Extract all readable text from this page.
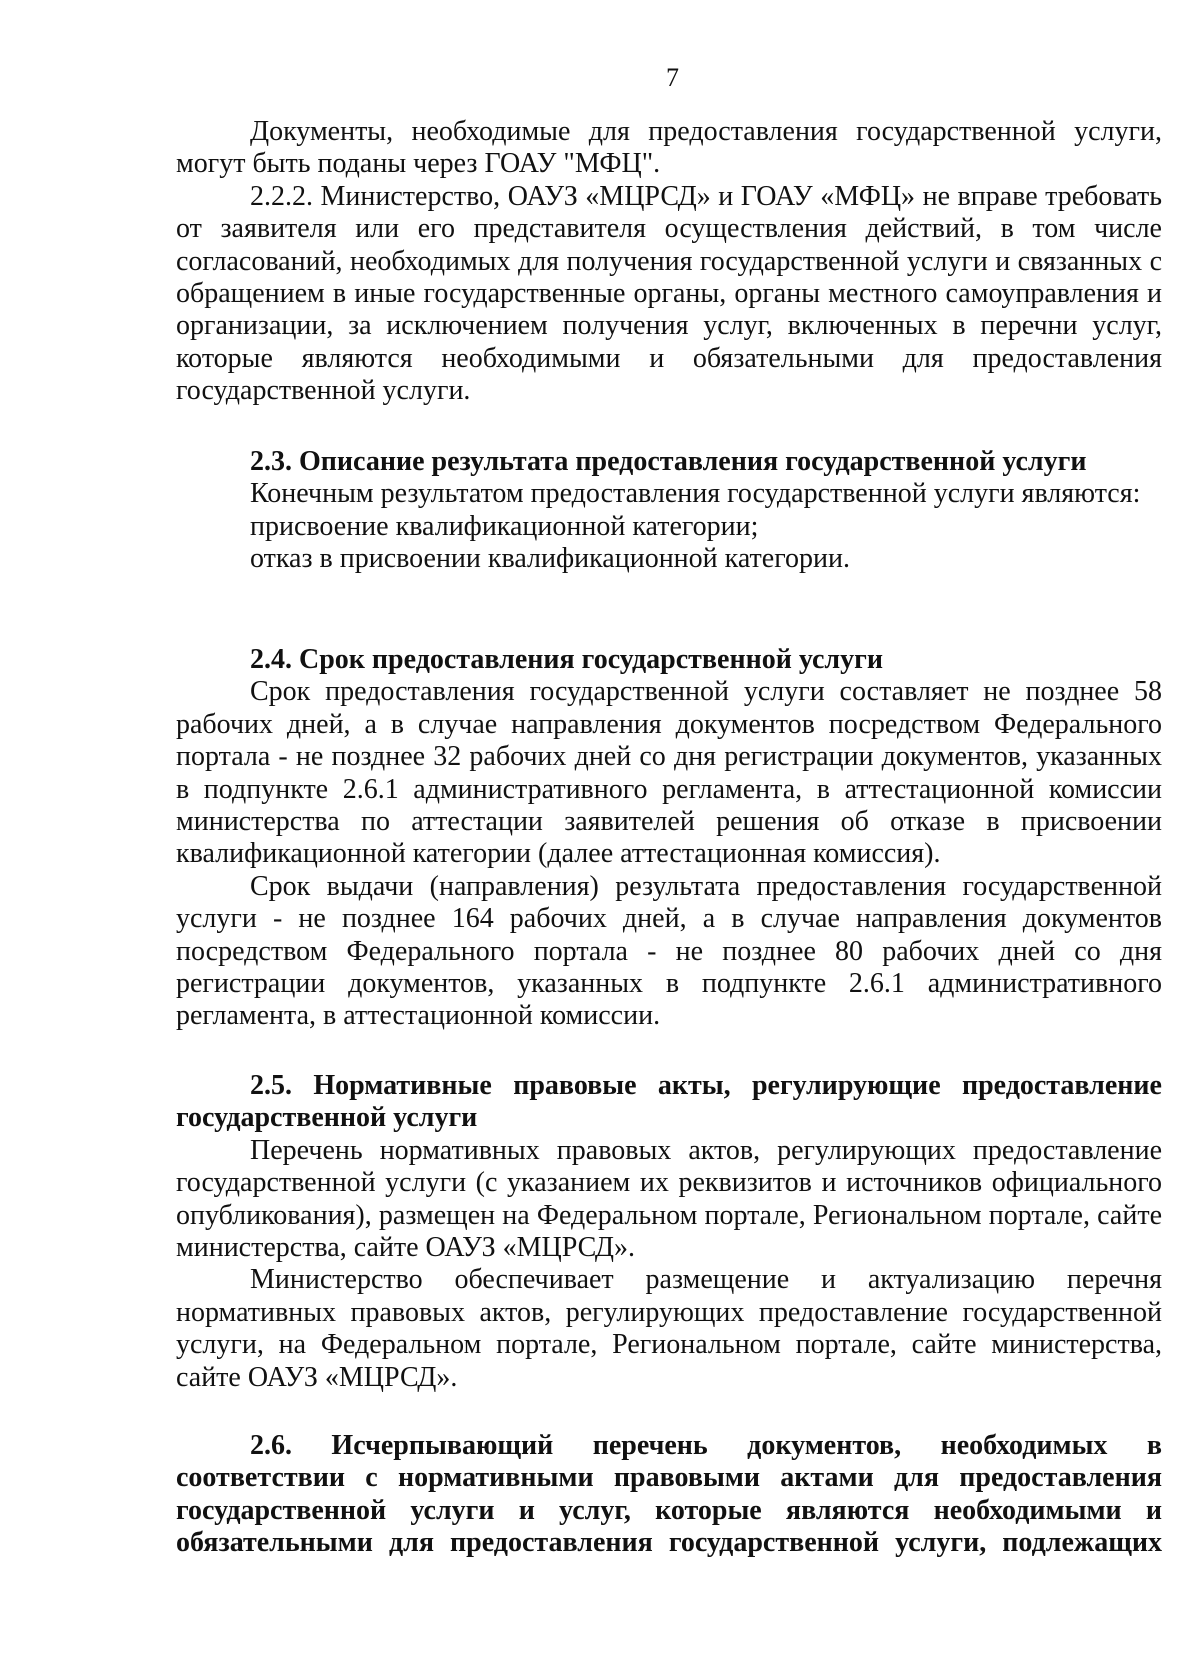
7

Документы, необходимые для предоставления государственной услуги, могут быть поданы через ГОАУ "МФЦ".

2.2.2. Министерство, ОАУЗ «МЦРСД» и ГОАУ «МФЦ» не вправе требовать от заявителя или его представителя осуществления действий, в том числе согласований, необходимых для получения государственной услуги и связанных с обращением в иные государственные органы, органы местного самоуправления и организации, за исключением получения услуг, включенных в перечни услуг, которые являются необходимыми и обязательными для предоставления государственной услуги.

2.3. Описание результата предоставления государственной услуги

Конечным результатом предоставления государственной услуги являются:

присвоение квалификационной категории;

отказ в присвоении квалификационной категории.

2.4. Срок предоставления государственной услуги

Срок предоставления государственной услуги составляет не позднее 58 рабочих дней, а в случае направления документов посредством Федерального портала - не позднее 32 рабочих дней со дня регистрации документов, указанных в подпункте 2.6.1 административного регламента, в аттестационной комиссии министерства по аттестации заявителей решения об отказе в присвоении квалификационной категории (далее аттестационная комиссия).

Срок выдачи (направления) результата предоставления государственной услуги - не позднее 164 рабочих дней, а в случае направления документов посредством Федерального портала - не позднее 80 рабочих дней со дня регистрации документов, указанных в подпункте 2.6.1 административного регламента, в аттестационной комиссии.

2.5. Нормативные правовые акты, регулирующие предоставление государственной услуги

Перечень нормативных правовых актов, регулирующих предоставление государственной услуги (с указанием их реквизитов и источников официального опубликования), размещен на Федеральном портале, Региональном портале, сайте министерства, сайте ОАУЗ «МЦРСД».

Министерство обеспечивает размещение и актуализацию перечня нормативных правовых актов, регулирующих предоставление государственной услуги, на Федеральном портале, Региональном портале, сайте министерства, сайте ОАУЗ «МЦРСД».

2.6. Исчерпывающий перечень документов, необходимых в соответствии с нормативными правовыми актами для предоставления государственной услуги и услуг, которые являются необходимыми и обязательными для предоставления государственной услуги, подлежащих
